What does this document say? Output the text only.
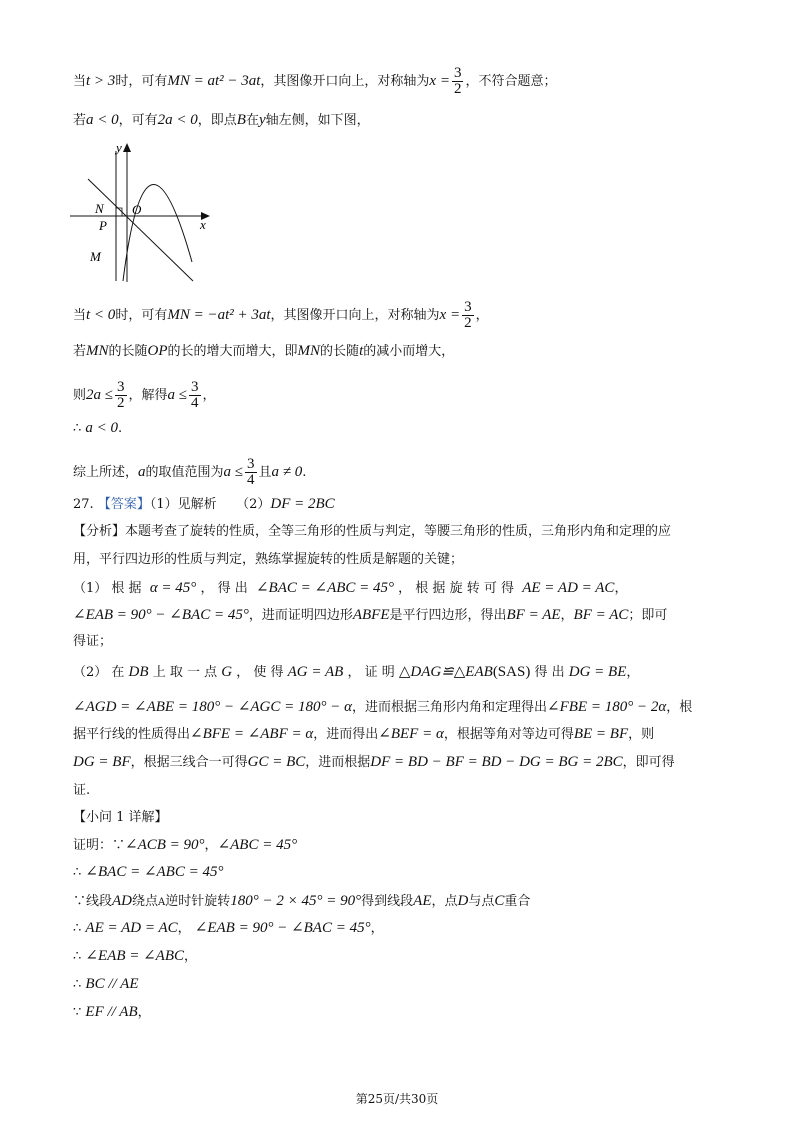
当t > 3时，可有MN = at² − 3at，其图像开口向上，对称轴为$x = \frac{3}{2}$ ，不符合题意；
若a < 0，可有2a < 0，即点B在y轴左侧，如下图，
y
x
N O
P
M
当t < 0时，可有MN = −at² + 3at，其图像开口向上，对称轴为$x = \frac{3}{2}$ ，
若MN的长随OP的长的增大而增大，即MN的长随t的减小而增大，
则$2a \le \frac{3}{2}$ ，解得$a \le \frac{3}{4}$ ，
∴ a < 0.
综上所述，a的取值范围为$a \le \frac{3}{4}$ 且a ≠ 0.
27. 【答案】（1）见解析　　（2）DF = 2BC
【分析】本题考查了旋转的性质，全等三角形的性质与判定，等腰三角形的性质，三角形内角和定理的应
用，平行四边形的性质与判定，熟练掌握旋转的性质是解题的关键；
（1） 根 据 α = 45° ， 得 出 ∠BAC = ∠ABC = 45° ， 根 据 旋 转 可 得 AE = AD = AC，
∠EAB = 90° − ∠BAC = 45°，进而证明四边形ABFE是平行四边形，得出BF = AE，BF = AC；即可
得证；
（2） 在 DB 上 取 一 点 G ， 使 得 AG = AB ， 证 明 △DAG≌△EAB(SAS) 得 出 DG = BE，
∠AGD = ∠ABE = 180° − ∠AGC = 180° − α，进而根据三角形内角和定理得出∠FBE = 180° − 2α，根
据平行线的性质得出∠BFE = ∠ABF = α，进而得出∠BEF = α，根据等角对等边可得BE = BF，则
DG = BF，根据三线合一可得GC = BC，进而根据DF = BD − BF = BD − DG = BG = 2BC，即可得
证.
【小问 1 详解】
证明：∵∠ACB = 90°，∠ABC = 45°
∴ ∠BAC = ∠ABC = 45°
∵线段AD绕点A逆时针旋转180° − 2 × 45° = 90°得到线段AE，点D与点C重合
∴ AE = AD = AC， ∠EAB = 90° − ∠BAC = 45°，
∴ ∠EAB = ∠ABC，
∴ BC // AE
∵ EF // AB，
第25页/共30页
